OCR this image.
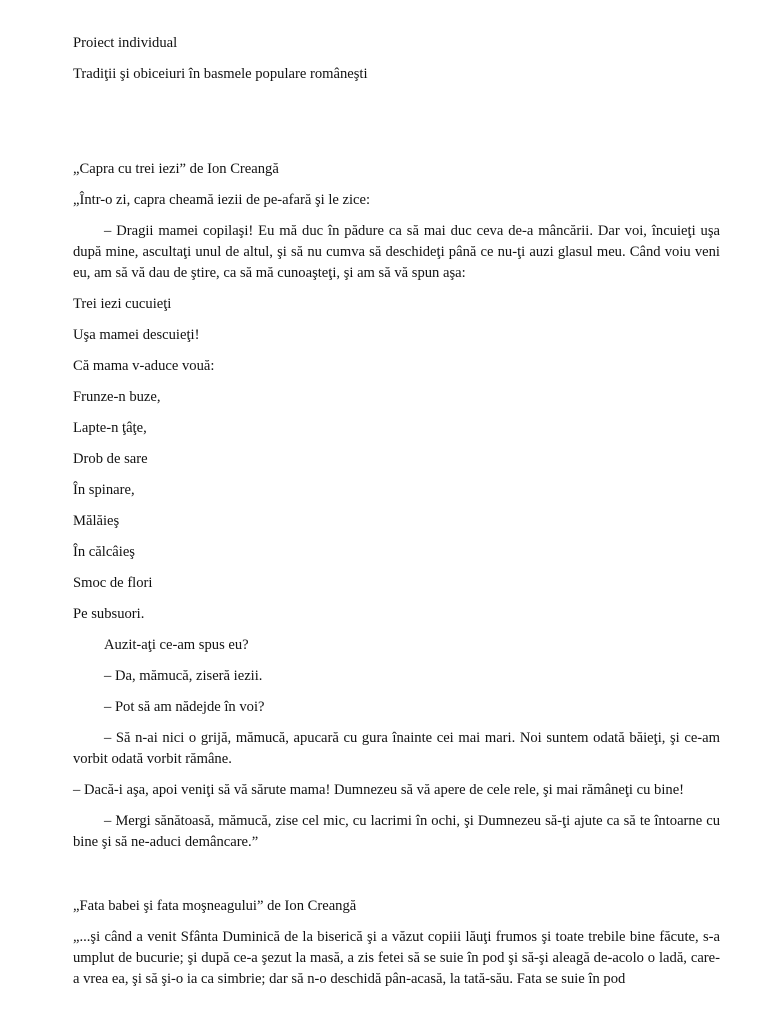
Proiect individual
Tradiţii şi obiceiuri în basmele populare româneşti
„Capra cu trei iezi” de Ion Creangă
„Într-o zi, capra cheamă iezii de pe-afară şi le zice:
– Dragii mamei copilaşi! Eu mă duc în pădure ca să mai duc ceva de-a mâncării. Dar voi, încuieţi uşa după mine, ascultaţi unul de altul, şi să nu cumva să deschideţi până ce nu-ţi auzi glasul meu. Când voiu veni eu, am să vă dau de ştire, ca să mă cunoaşteţi, şi am să vă spun aşa:
Trei iezi cucuieţi
Uşa mamei descuieţi!
Că mama v-aduce vouă:
Frunze-n buze,
Lapte-n ţâţe,
Drob de sare
În spinare,
Mălăieş
În călcâieş
Smoc de flori
Pe subsuori.
Auzit-aţi ce-am spus eu?
– Da, mămucă, ziseră iezii.
– Pot să am nădejde în voi?
– Să n-ai nici o grijă, mămucă, apucară cu gura înainte cei mai mari. Noi suntem odată băieţi, şi ce-am vorbit odată vorbit rămâne.
– Dacă-i aşa, apoi veniţi să vă sărute mama! Dumnezeu să vă apere de cele rele, şi mai rămâneţi cu bine!
– Mergi sănătoasă, mămucă, zise cel mic, cu lacrimi în ochi, şi Dumnezeu să-ţi ajute ca să te întoarne cu bine şi să ne-aduci demâncare.”
„Fata babei şi fata moşneagului” de Ion Creangă
„...şi când a venit Sfânta Duminică de la biserică şi a văzut copiii lăuţi frumos şi toate trebile bine făcute, s-a umplut de bucurie; şi după ce-a şezut la masă, a zis fetei să se suie în pod şi să-şi aleagă de-acolo o ladă, care-a vrea ea, şi să şi-o ia ca simbrie; dar să n-o deschidă pân-acasă, la tată-său. Fata se suie în pod
